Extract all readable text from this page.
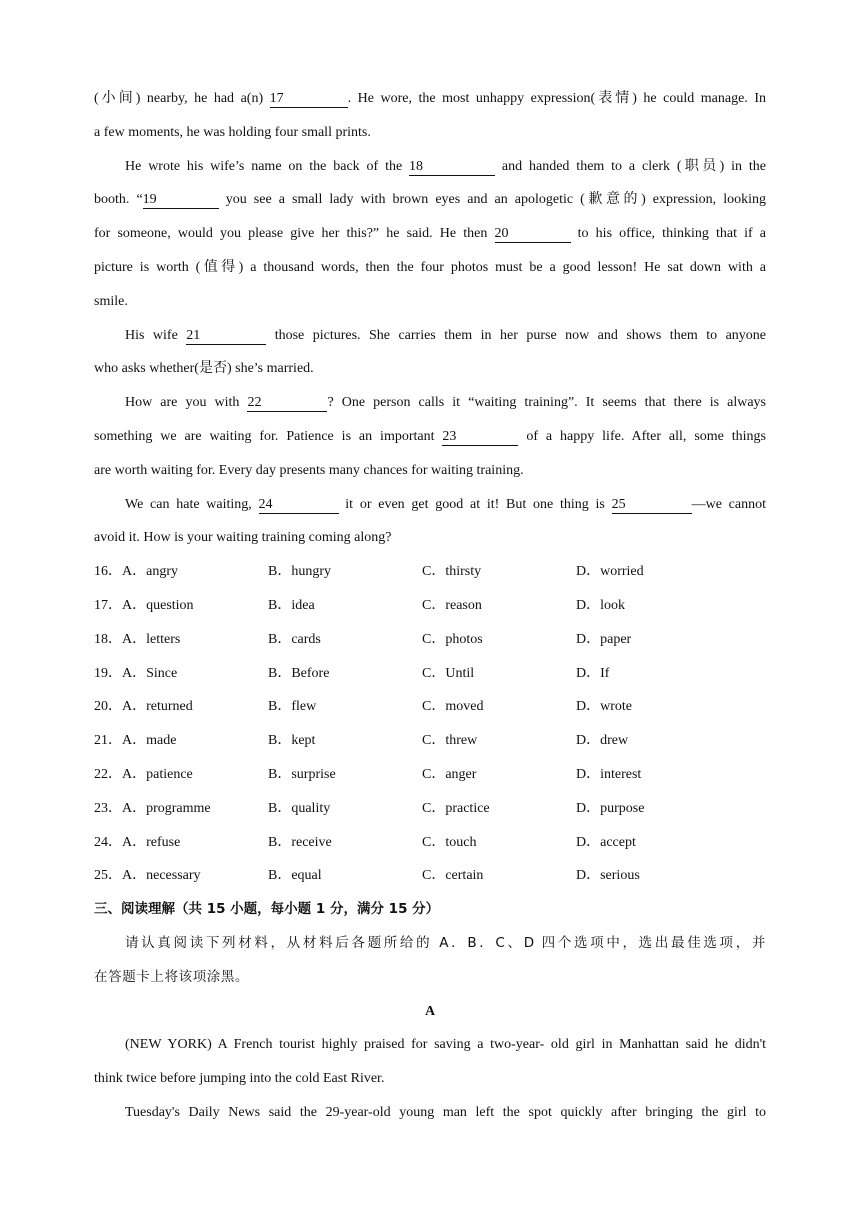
(小间) nearby, he had a(n) 17	. He wore, the most unhappy expression(表情) he could manage. In
a few moments, he was holding four small prints.
He wrote his wife’s name on the back of the 18	and handed them to a clerk (职员) in the
booth. “19	you see a small lady with brown eyes and an apologetic (歉意的) expression, looking
for someone, would you please give her this?” he said. He then 20	to his office, thinking that if a
picture is worth (值得) a thousand words, then the four photos must be a good lesson! He sat down with a
smile.
His wife 21	those pictures. She carries them in her purse now and shows them to anyone
who asks whether(是否) she’s married.
How are you with 22	? One person calls it “waiting training”. It seems that there is always
something we are waiting for. Patience is an important 23	of a happy life. After all, some things
are worth waiting for. Every day presents many chances for waiting training.
We can hate waiting, 24	it or even get good at it! But one thing is 25	—we cannot
avoid it. How is your waiting training coming along?
16．A．angry	B．hungry	C．thirsty	D．worried
17．A．question	B．idea	C．reason	D．look
18．A．letters	B．cards	C．photos	D．paper
19．A．Since	B．Before	C．Until	D．If
20．A．returned	B．flew	C．moved	D．wrote
21．A．made	B．kept	C．threw	D．drew
22．A．patience	B．surprise	C．anger	D．interest
23．A．programme	B．quality	C．practice	D．purpose
24．A．refuse	B．receive	C．touch	D．accept
25．A．necessary	B．equal	C．certain	D．serious
三、阅读理解（共 15 小题，每小题 1 分，满分 15 分）
请认真阅读下列材料，从材料后各题所给的 A．B．C、D 四个选项中，选出最佳选项，并
在答题卡上将该项涂黑。
A
(NEW YORK) A French tourist highly praised for saving a two-year- old girl in Manhattan said he didn't
think twice before jumping into the cold East River.
Tuesday's Daily News said the 29-year-old young man left the spot quickly after bringing the girl to
